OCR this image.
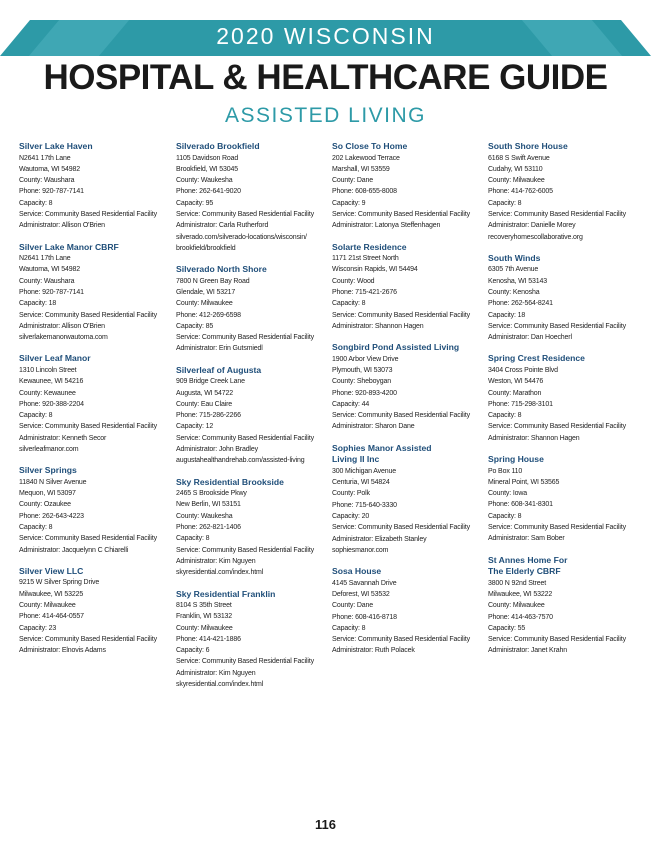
2020 WISCONSIN
HOSPITAL & HEALTHCARE GUIDE
ASSISTED LIVING
Silver Lake Haven
N2641 17th Lane
Wautoma, WI 54982
County: Waushara
Phone: 920-787-7141
Capacity: 8
Service: Community Based Residential Facility
Administrator: Allison O'Brien
Silver Lake Manor CBRF
N2641 17th Lane
Wautoma, WI 54982
County: Waushara
Phone: 920-787-7141
Capacity: 18
Service: Community Based Residential Facility
Administrator: Allison O'Brien
silverlakemanorwautoma.com
Silver Leaf Manor
1310 Lincoln Street
Kewaunee, WI 54216
County: Kewaunee
Phone: 920-388-2204
Capacity: 8
Service: Community Based Residential Facility
Administrator: Kenneth Secor
silverleafmanor.com
Silver Springs
11840 N Silver Avenue
Mequon, WI 53097
County: Ozaukee
Phone: 262-643-4223
Capacity: 8
Service: Community Based Residential Facility
Administrator: Jacquelynn C Chiarelli
Silver View LLC
9215 W Silver Spring Drive
Milwaukee, WI 53225
County: Milwaukee
Phone: 414-464-0557
Capacity: 23
Service: Community Based Residential Facility
Administrator: Elnovis Adams
Silverado Brookfield
1105 Davidson Road
Brookfield, WI 53045
County: Waukesha
Phone: 262-641-9020
Capacity: 95
Service: Community Based Residential Facility
Administrator: Carla Rutherford
silverado.com/silverado-locations/wisconsin/
brookfield/brookfield
Silverado North Shore
7800 N Green Bay Road
Glendale, WI 53217
County: Milwaukee
Phone: 412-269-6598
Capacity: 85
Service: Community Based Residential Facility
Administrator: Erin Gutsmiedl
Silverleaf of Augusta
909 Bridge Creek Lane
Augusta, WI 54722
County: Eau Claire
Phone: 715-286-2266
Capacity: 12
Service: Community Based Residential Facility
Administrator: John Bradley
augustahealthandrehab.com/assisted-living
Sky Residential Brookside
2465 S Brookside Pkwy
New Berlin, WI 53151
County: Waukesha
Phone: 262-821-1406
Capacity: 8
Service: Community Based Residential Facility
Administrator: Kim Nguyen
skyresidential.com/index.html
Sky Residential Franklin
8104 S 35th Street
Franklin, WI 53132
County: Milwaukee
Phone: 414-421-1886
Capacity: 6
Service: Community Based Residential Facility
Administrator: Kim Nguyen
skyresidential.com/index.html
So Close To Home
202 Lakewood Terrace
Marshall, WI 53559
County: Dane
Phone: 608-655-8008
Capacity: 9
Service: Community Based Residential Facility
Administrator: Latonya Steffenhagen
Solarte Residence
1171 21st Street North
Wisconsin Rapids, WI 54494
County: Wood
Phone: 715-421-2676
Capacity: 8
Service: Community Based Residential Facility
Administrator: Shannon Hagen
Songbird Pond Assisted Living
1900 Arbor View Drive
Plymouth, WI 53073
County: Sheboygan
Phone: 920-893-4200
Capacity: 44
Service: Community Based Residential Facility
Administrator: Sharon Dane
Sophies Manor Assisted
Living II Inc
300 Michigan Avenue
Centuria, WI 54824
County: Polk
Phone: 715-640-3330
Capacity: 20
Service: Community Based Residential Facility
Administrator: Elizabeth Stanley
sophiesmanor.com
Sosa House
4145 Savannah Drive
Deforest, WI 53532
County: Dane
Phone: 608-416-8718
Capacity: 8
Service: Community Based Residential Facility
Administrator: Ruth Polacek
South Shore House
6168 S Swift Avenue
Cudahy, WI 53110
County: Milwaukee
Phone: 414-762-6005
Capacity: 8
Service: Community Based Residential Facility
Administrator: Danielle Morey
recoveryhomescollaborative.org
South Winds
6305 7th Avenue
Kenosha, WI 53143
County: Kenosha
Phone: 262-564-8241
Capacity: 18
Service: Community Based Residential Facility
Administrator: Dan Hoecherl
Spring Crest Residence
3404 Cross Pointe Blvd
Weston, WI 54476
County: Marathon
Phone: 715-298-3101
Capacity: 8
Service: Community Based Residential Facility
Administrator: Shannon Hagen
Spring House
Po Box 110
Mineral Point, WI 53565
County: Iowa
Phone: 608-341-8301
Capacity: 8
Service: Community Based Residential Facility
Administrator: Sam Bober
St Annes Home For
The Elderly CBRF
3800 N 92nd Street
Milwaukee, WI 53222
County: Milwaukee
Phone: 414-463-7570
Capacity: 55
Service: Community Based Residential Facility
Administrator: Janet Krahn
116
